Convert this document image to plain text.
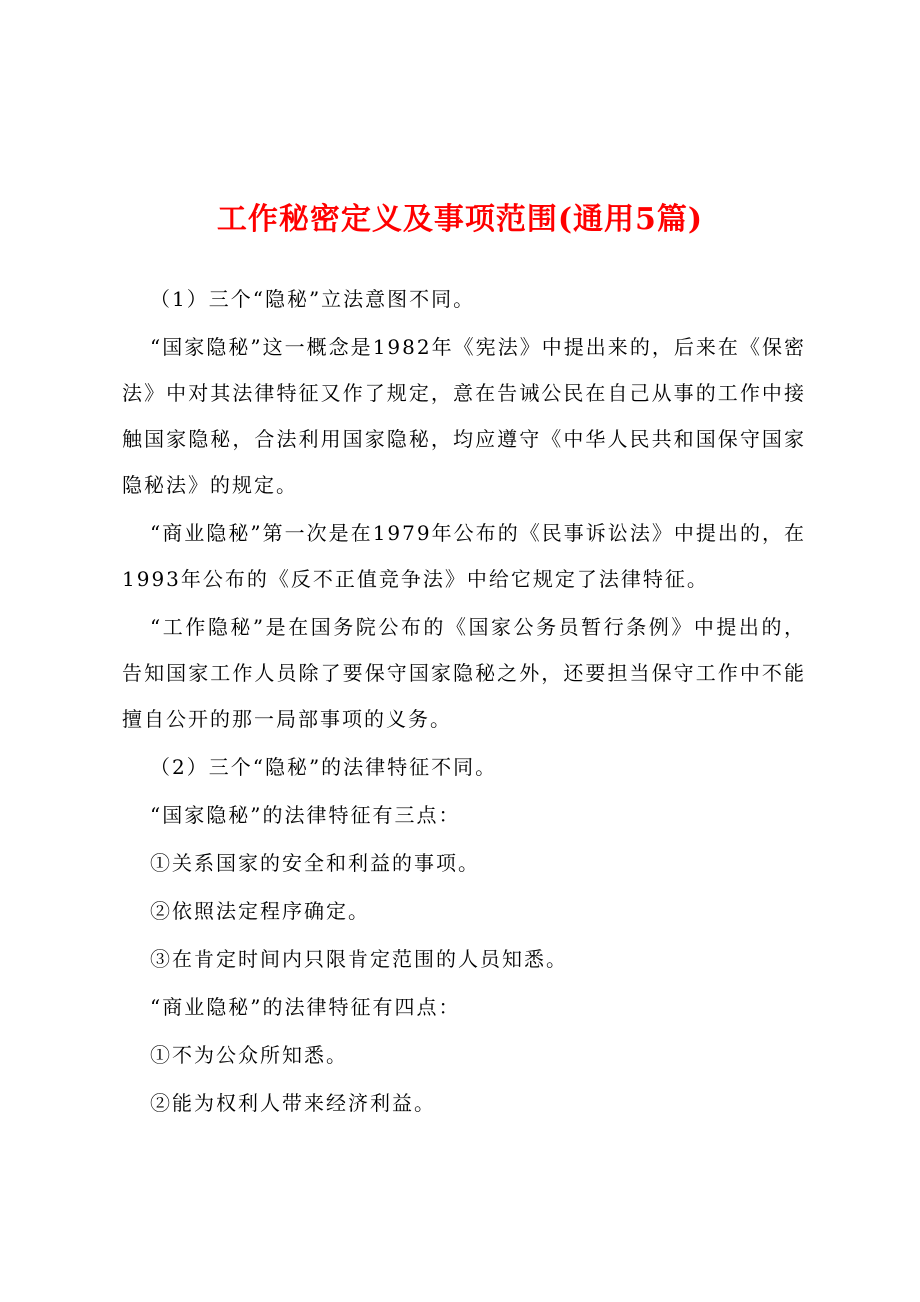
工作秘密定义及事项范围(通用5篇)

（1）三个“隐秘”立法意图不同。

“国家隐秘”这一概念是1982年《宪法》中提出来的，后来在《保密法》中对其法律特征又作了规定，意在告诫公民在自己从事的工作中接触国家隐秘，合法利用国家隐秘，均应遵守《中华人民共和国保守国家隐秘法》的规定。

“商业隐秘”第一次是在1979年公布的《民事诉讼法》中提出的，在1993年公布的《反不正值竞争法》中给它规定了法律特征。

“工作隐秘”是在国务院公布的《国家公务员暂行条例》中提出的，告知国家工作人员除了要保守国家隐秘之外，还要担当保守工作中不能擅自公开的那一局部事项的义务。

（2）三个“隐秘”的法律特征不同。

“国家隐秘”的法律特征有三点：

①关系国家的安全和利益的事项。

②依照法定程序确定。

③在肯定时间内只限肯定范围的人员知悉。

“商业隐秘”的法律特征有四点：

①不为公众所知悉。

②能为权利人带来经济利益。
